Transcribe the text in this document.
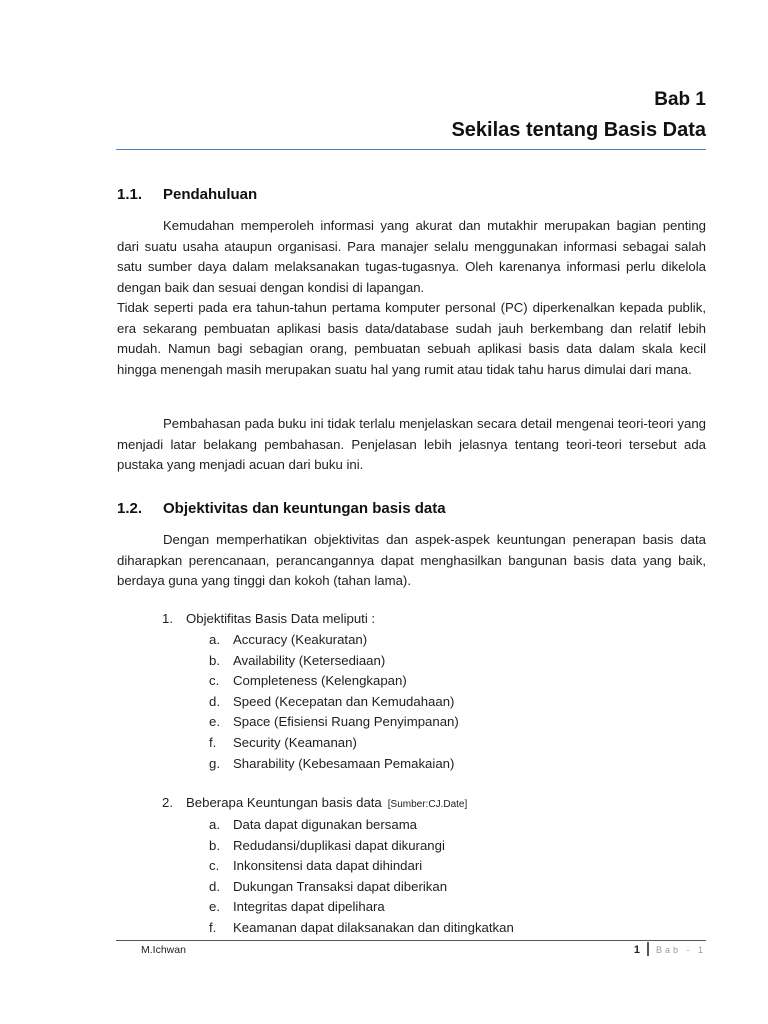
Bab 1
Sekilas tentang Basis Data
1.1. Pendahuluan

Kemudahan memperoleh informasi yang akurat dan mutakhir merupakan bagian penting dari suatu usaha ataupun organisasi. Para manajer selalu menggunakan informasi sebagai salah satu sumber daya dalam melaksanakan tugas-tugasnya. Oleh karenanya informasi perlu dikelola dengan baik dan sesuai dengan kondisi di lapangan.

Tidak seperti pada era tahun-tahun pertama komputer personal (PC) diperkenalkan kepada publik, era sekarang pembuatan aplikasi basis data/database sudah jauh berkembang dan relatif lebih mudah. Namun bagi sebagian orang, pembuatan sebuah aplikasi basis data dalam skala kecil hingga menengah masih merupakan suatu hal yang rumit atau tidak tahu harus dimulai dari mana.

Pembahasan pada buku ini tidak terlalu menjelaskan secara detail mengenai teori-teori yang menjadi latar belakang pembahasan. Penjelasan lebih jelasnya tentang teori-teori tersebut ada pustaka yang menjadi acuan dari buku ini.

1.2. Objektivitas dan keuntungan basis data

Dengan memperhatikan objektivitas dan aspek-aspek keuntungan penerapan basis data diharapkan perencanaan, perancangannya dapat menghasilkan bangunan basis data yang baik, berdaya guna yang tinggi dan kokoh (tahan lama).

1. Objektifitas Basis Data meliputi :
a. Accuracy (Keakuratan)
b. Availability (Ketersediaan)
c. Completeness (Kelengkapan)
d. Speed (Kecepatan dan Kemudahaan)
e. Space (Efisiensi Ruang Penyimpanan)
f. Security (Keamanan)
g. Sharability (Kebesamaan Pemakaian)
2. Beberapa Keuntungan basis data [Sumber:CJ.Date]
a. Data dapat digunakan bersama
b. Redudansi/duplikasi dapat dikurangi
c. Inkonsitensi data dapat dihindari
d. Dukungan Transaksi dapat diberikan
e. Integritas dapat dipelihara
f. Keamanan dapat dilaksanakan dan ditingkatkan
M.Ichwan	1 Bab - 1
